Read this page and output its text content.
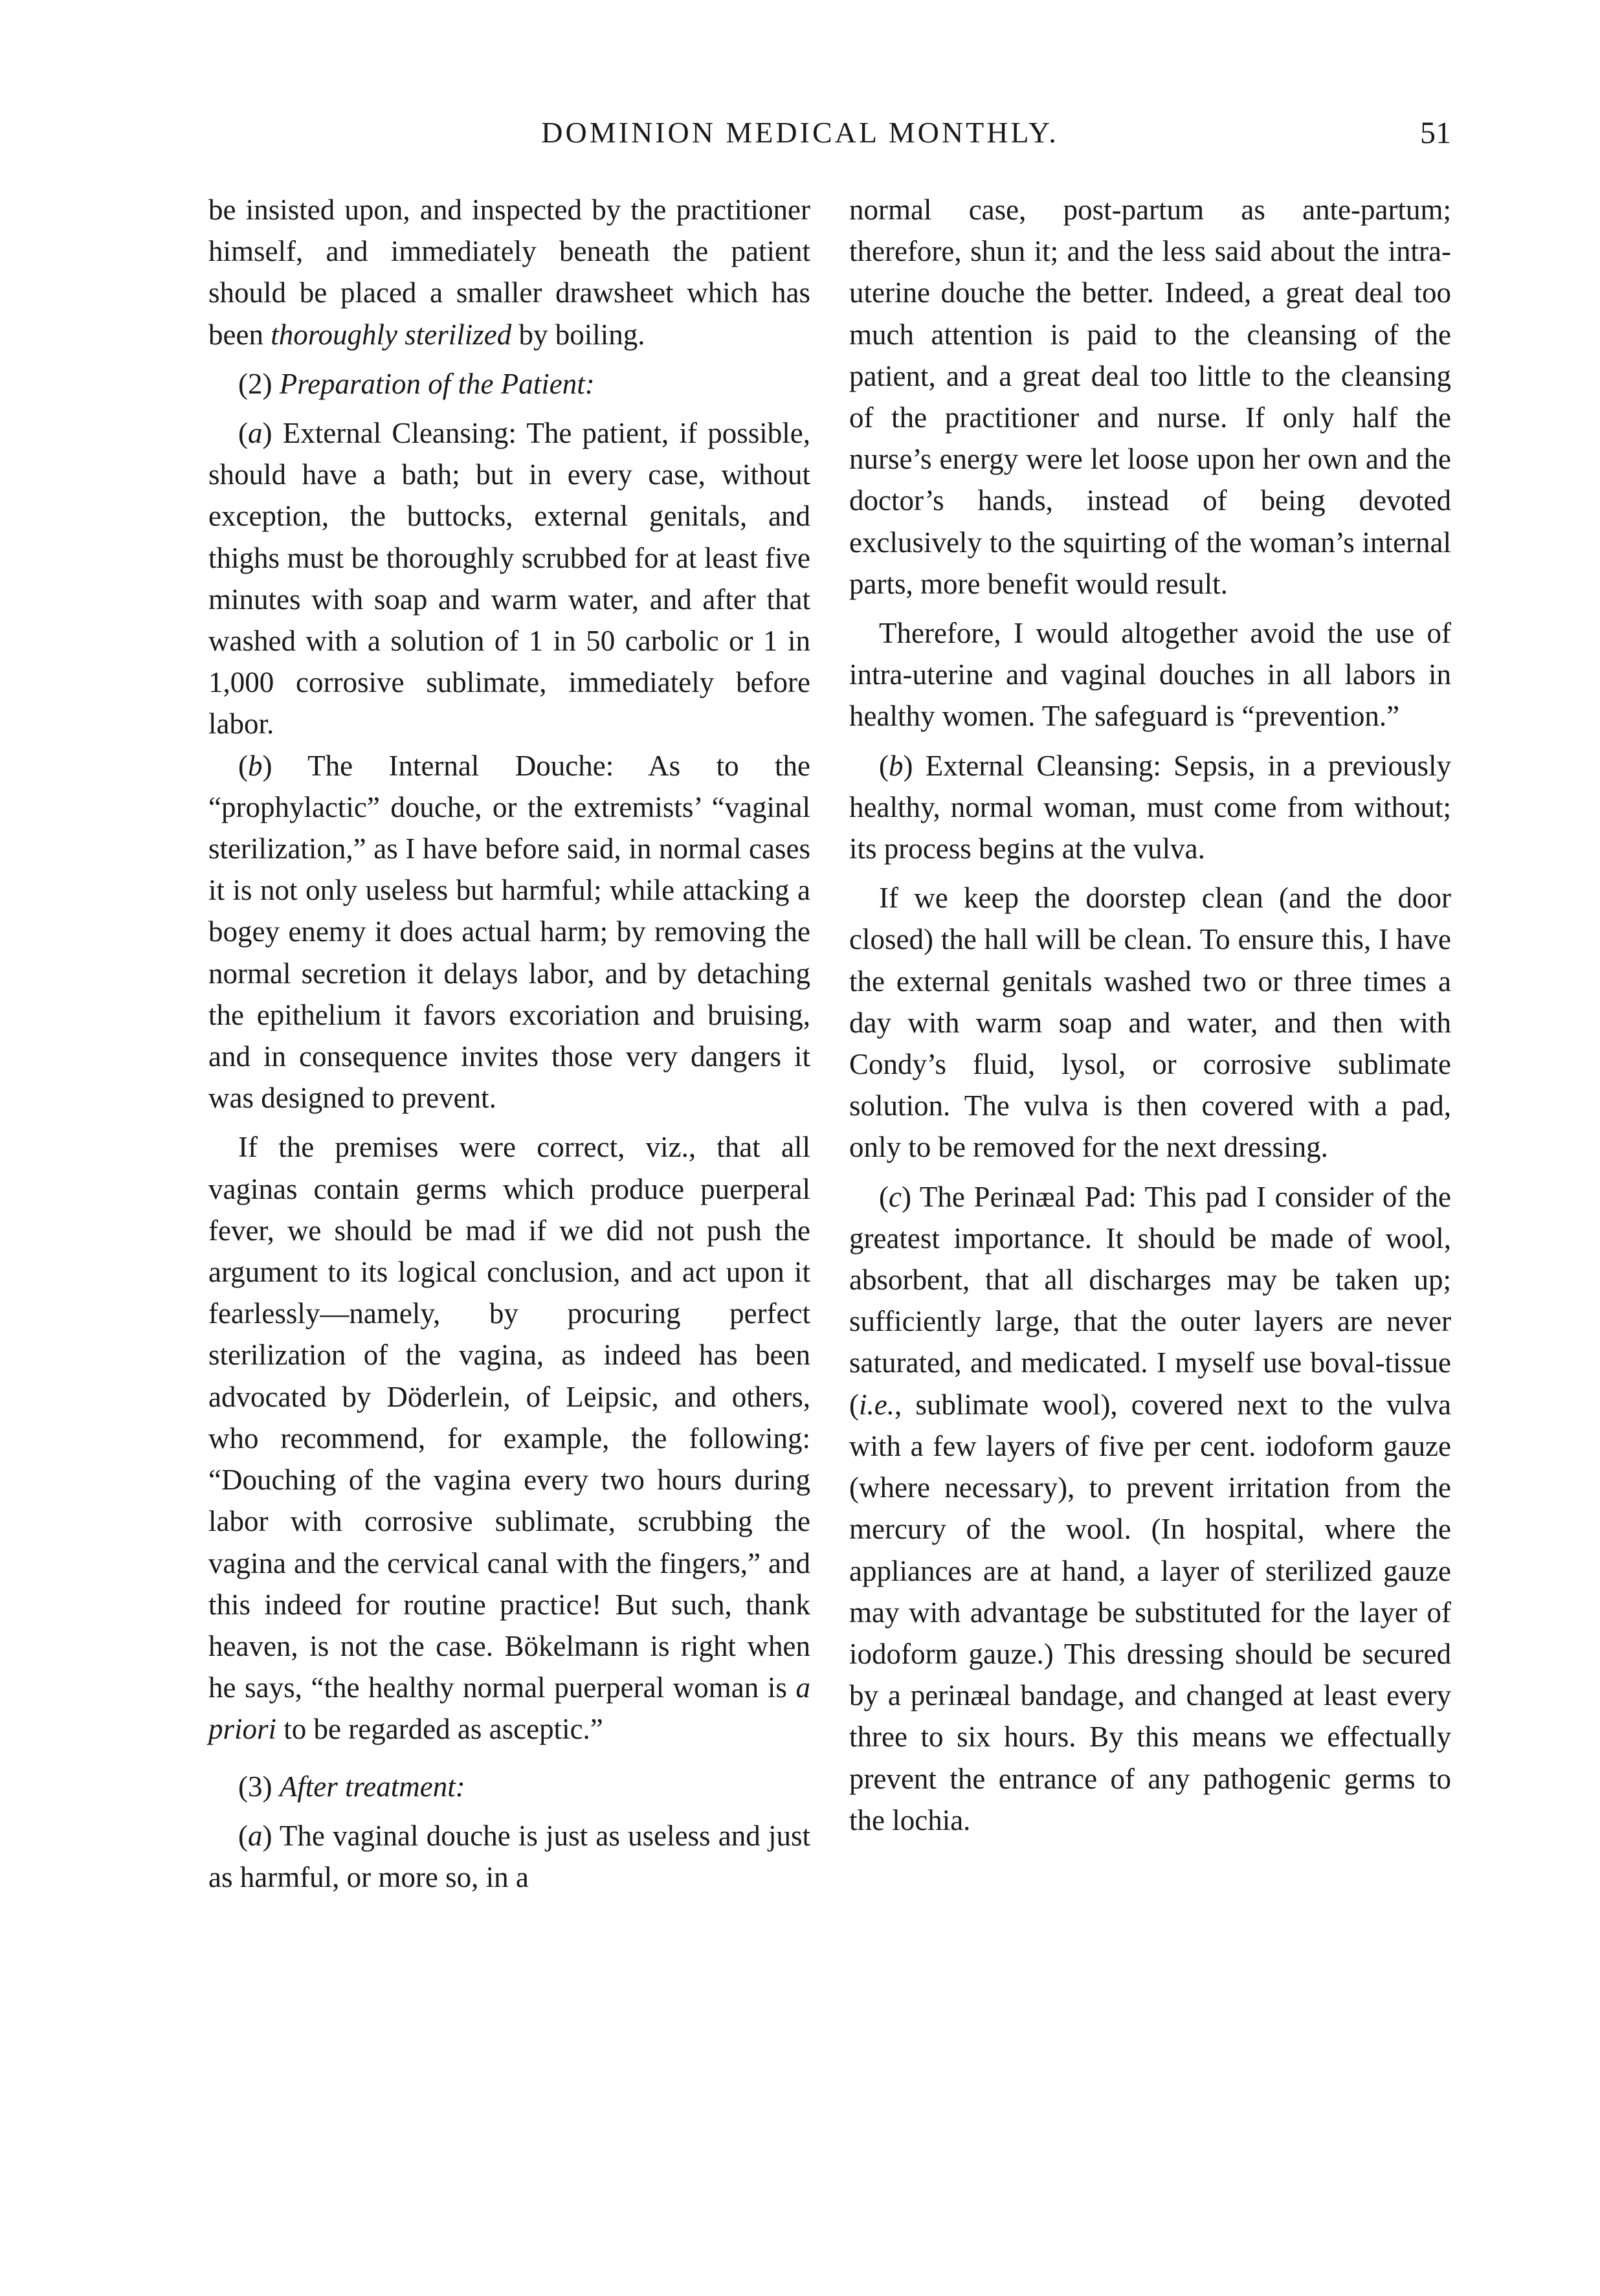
DOMINION MEDICAL MONTHLY.	51

be insisted upon, and inspected by the practitioner himself, and immediately beneath the patient should be placed a smaller drawsheet which has been thoroughly sterilized by boiling.

(2) Preparation of the Patient:

(a) External Cleansing: The patient, if possible, should have a bath; but in every case, without exception, the buttocks, external genitals, and thighs must be thoroughly scrubbed for at least five minutes with soap and warm water, and after that washed with a solution of 1 in 50 carbolic or 1 in 1,000 corrosive sublimate, immediately before labor.

(b) The Internal Douche: As to the “prophylactic” douche, or the extremists’ “vaginal sterilization,” as I have before said, in normal cases it is not only useless but harmful; while attacking a bogey enemy it does actual harm; by removing the normal secretion it delays labor, and by detaching the epithelium it favors excoriation and bruising, and in consequence invites those very dangers it was designed to prevent.

If the premises were correct, viz., that all vaginas contain germs which produce puerperal fever, we should be mad if we did not push the argument to its logical conclusion, and act upon it fearlessly—namely, by procuring perfect sterilization of the vagina, as indeed has been advocated by Döderlein, of Leipsic, and others, who recommend, for example, the following: “Douching of the vagina every two hours during labor with corrosive sublimate, scrubbing the vagina and the cervical canal with the fingers,” and this indeed for routine practice! But such, thank heaven, is not the case. Bökelmann is right when he says, “the healthy normal puerperal woman is a priori to be regarded as asceptic.”

(3) After treatment:

(a) The vaginal douche is just as useless and just as harmful, or more so, in a

normal case, post-partum as ante-partum; therefore, shun it; and the less said about the intra-uterine douche the better. Indeed, a great deal too much attention is paid to the cleansing of the patient, and a great deal too little to the cleansing of the practitioner and nurse. If only half the nurse’s energy were let loose upon her own and the doctor’s hands, instead of being devoted exclusively to the squirting of the woman’s internal parts, more benefit would result.

Therefore, I would altogether avoid the use of intra-uterine and vaginal douches in all labors in healthy women. The safeguard is “prevention.”

(b) External Cleansing: Sepsis, in a previously healthy, normal woman, must come from without; its process begins at the vulva.

If we keep the doorstep clean (and the door closed) the hall will be clean. To ensure this, I have the external genitals washed two or three times a day with warm soap and water, and then with Condy’s fluid, lysol, or corrosive sublimate solution. The vulva is then covered with a pad, only to be removed for the next dressing.

(c) The Perinæal Pad: This pad I consider of the greatest importance. It should be made of wool, absorbent, that all discharges may be taken up; sufficiently large, that the outer layers are never saturated, and medicated. I myself use boval-tissue (i.e., sublimate wool), covered next to the vulva with a few layers of five per cent. iodoform gauze (where necessary), to prevent irritation from the mercury of the wool. (In hospital, where the appliances are at hand, a layer of sterilized gauze may with advantage be substituted for the layer of iodoform gauze.) This dressing should be secured by a perinæal bandage, and changed at least every three to six hours. By this means we effectually prevent the entrance of any pathogenic germs to the lochia.
